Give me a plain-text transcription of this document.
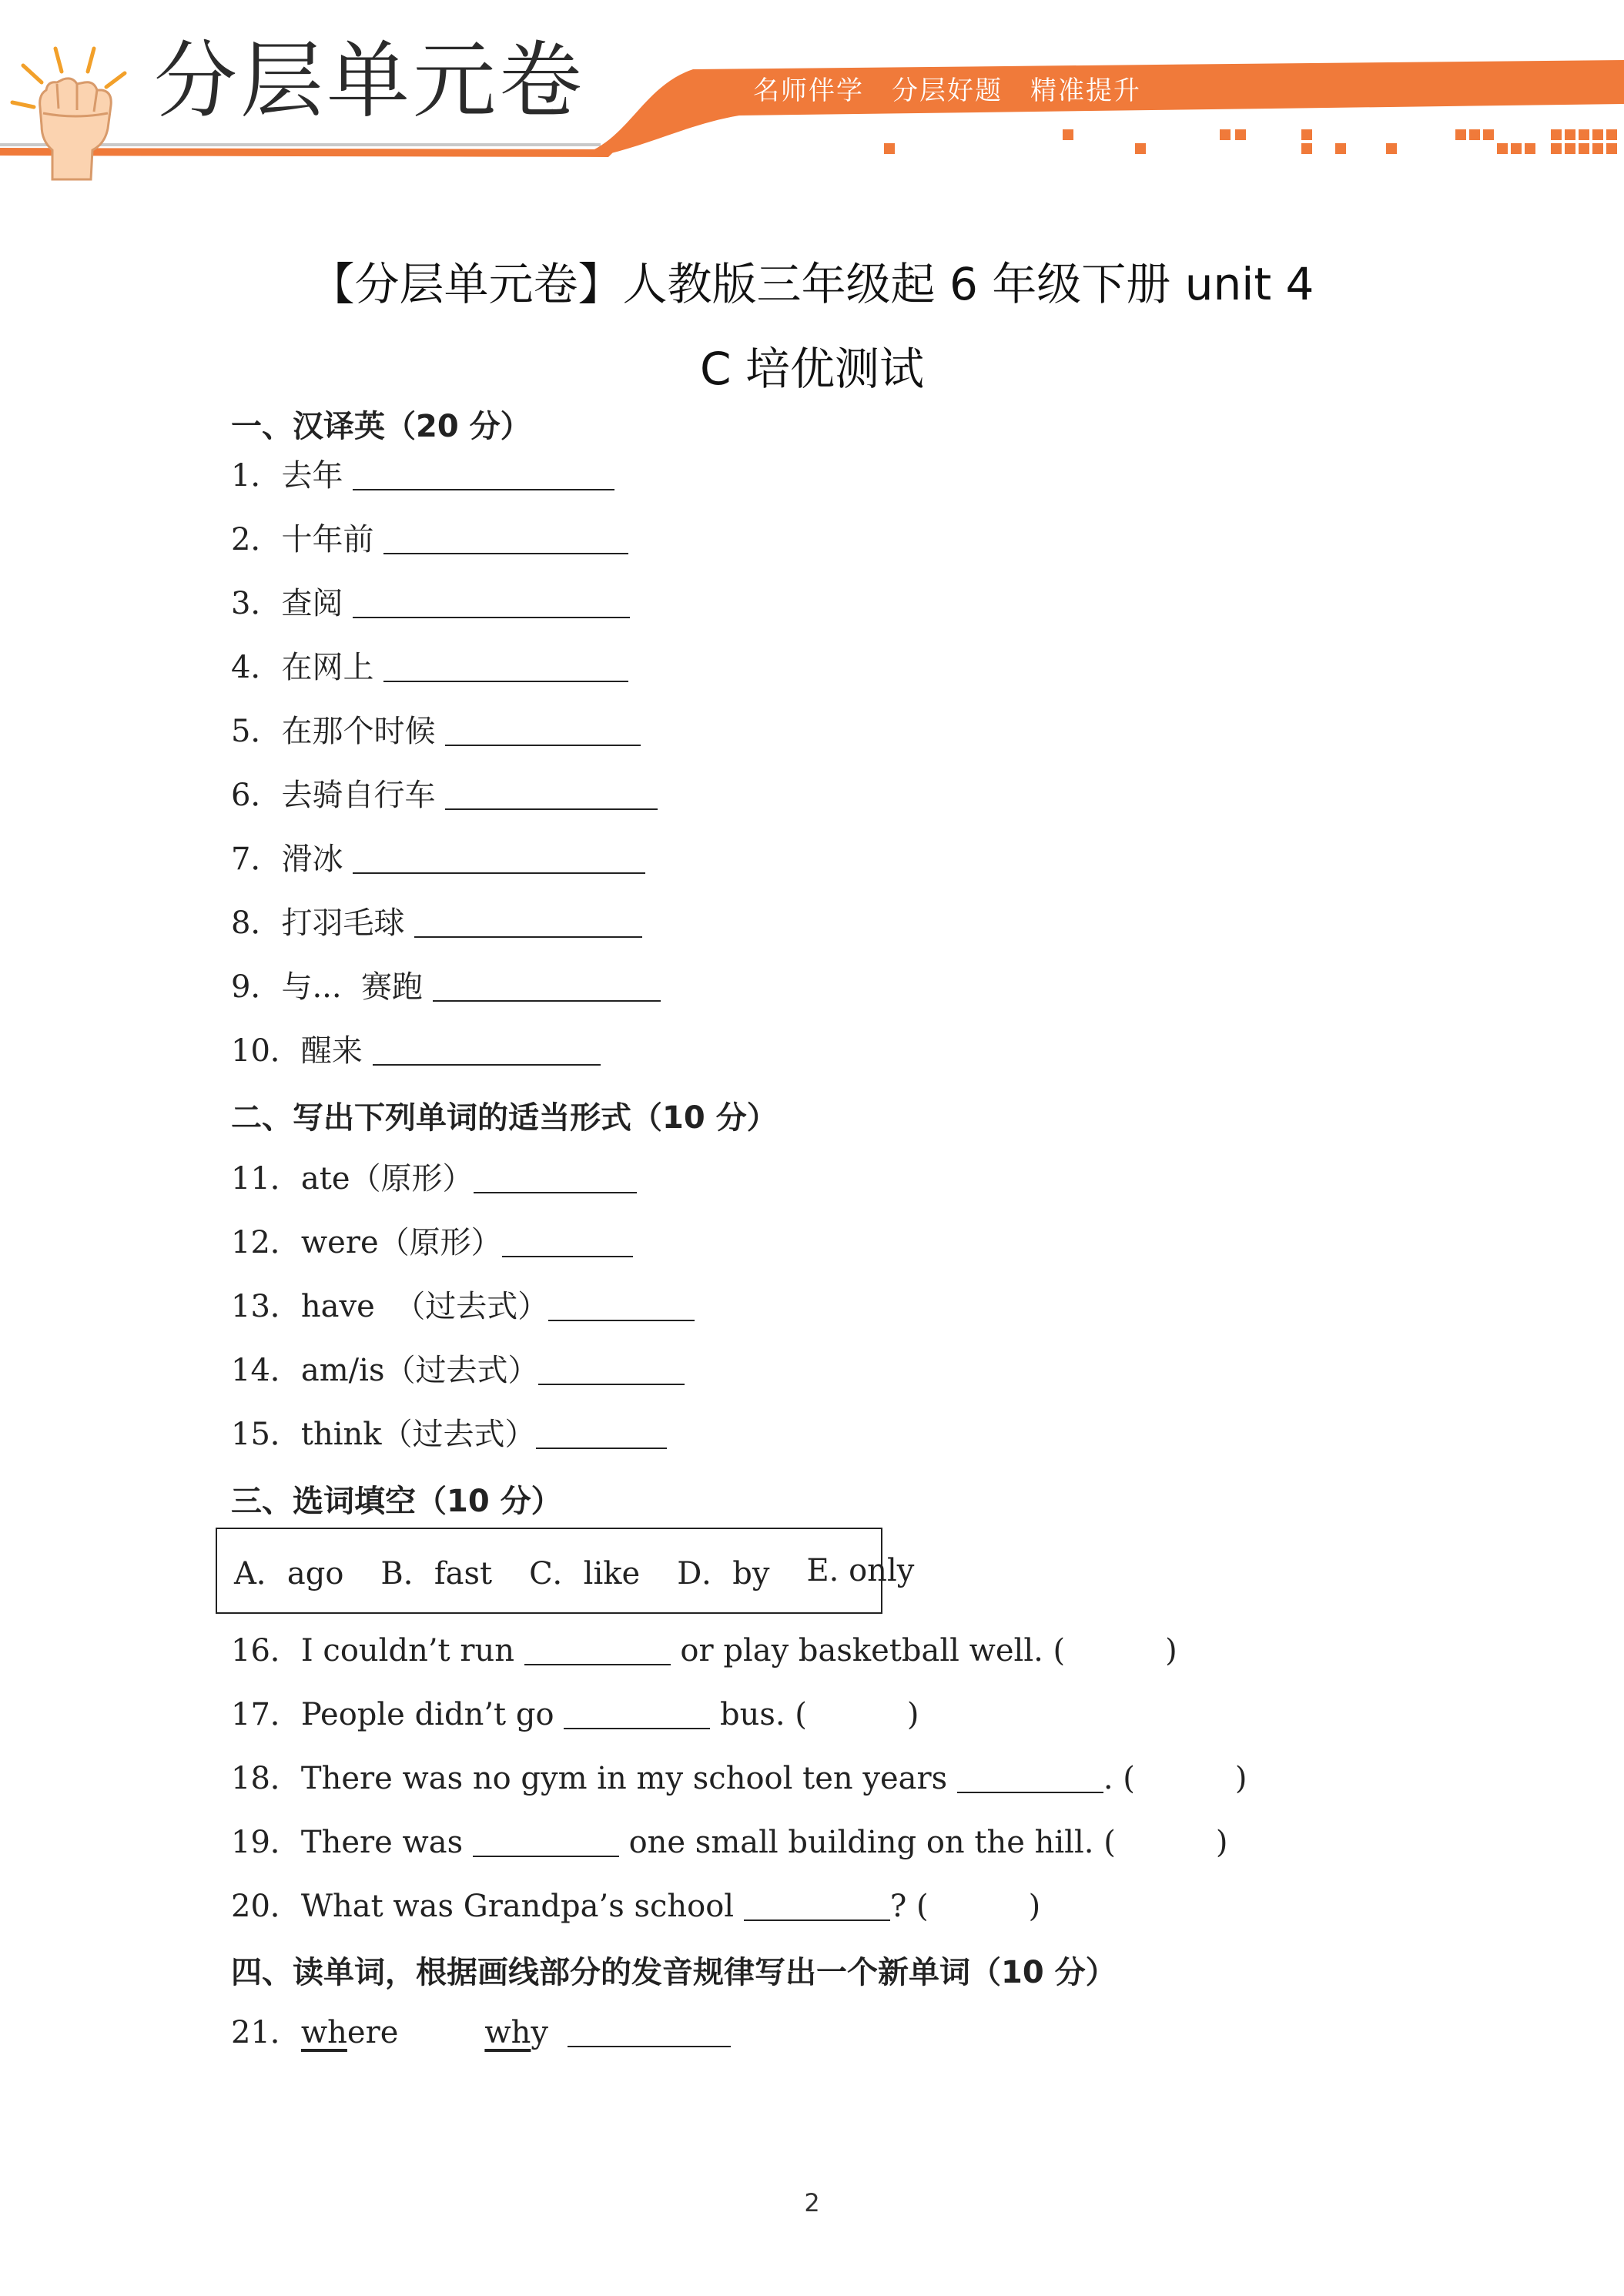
分层单元卷	名师伴学 分层好题 精准提升
【分层单元卷】人教版三年级起 6 年级下册 unit 4
C 培优测试
一、汉译英（20 分）
1．去年
2．十年前
3．查阅
4．在网上
5．在那个时候
6．去骑自行车
7．滑冰
8．打羽毛球
9．与...  赛跑
10．醒来
二、写出下列单词的适当形式（10 分）
11．ate（原形）
12．were（原形）
13．have  （过去式）
14．am/is（过去式）
15．think（过去式）
三、选词填空（10 分）
A．ago B．fast C．like D．by E. only
16．I couldn’t run	or play basketball well. (	)
17．People didn’t go	bus. (	)
18．There was no gym in my school ten years	. (	)
19．There was	one small building on the hill. (	)
20．What was Grandpa’s school	? (	)
四、读单词，根据画线部分的发音规律写出一个新单词（10 分）
21．where	why
2
